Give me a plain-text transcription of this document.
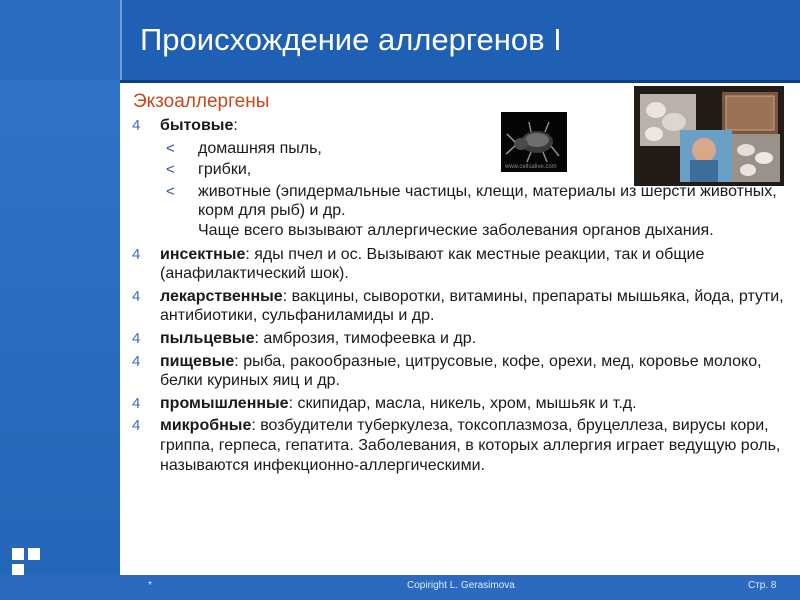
Происхождение аллергенов I
Экзоаллергены
www.cellsalive.com
4 бытовые:
< домашняя пыль,
< грибки,
< животные (эпидермальные частицы, клещи, материалы из шерсти животных, корм для рыб) и др.
Чаще всего вызывают аллергические заболевания органов дыхания.
4 инсектные: яды пчел и ос. Вызывают как местные реакции, так и общие (анафилактический шок).
4 лекарственные: вакцины, сыворотки, витамины, препараты мышьяка, йода, ртути, антибиотики, сульфаниламиды и др.
4 пыльцевые: амброзия, тимофеевка и др.
4 пищевые: рыба, ракообразные, цитрусовые, кофе, орехи, мед, коровье молоко, белки куриных яиц и др.
4 промышленные: скипидар, масла, никель, хром, мышьяк и т.д.
4 микробные: возбудители туберкулеза, токсоплазмоза, бруцеллеза, вирусы кори, гриппа, герпеса, гепатита. Заболевания, в которых аллергия играет ведущую роль, называются инфекционно-аллергическими.
*	Copiright L. Gerasimova	Стр. 8
